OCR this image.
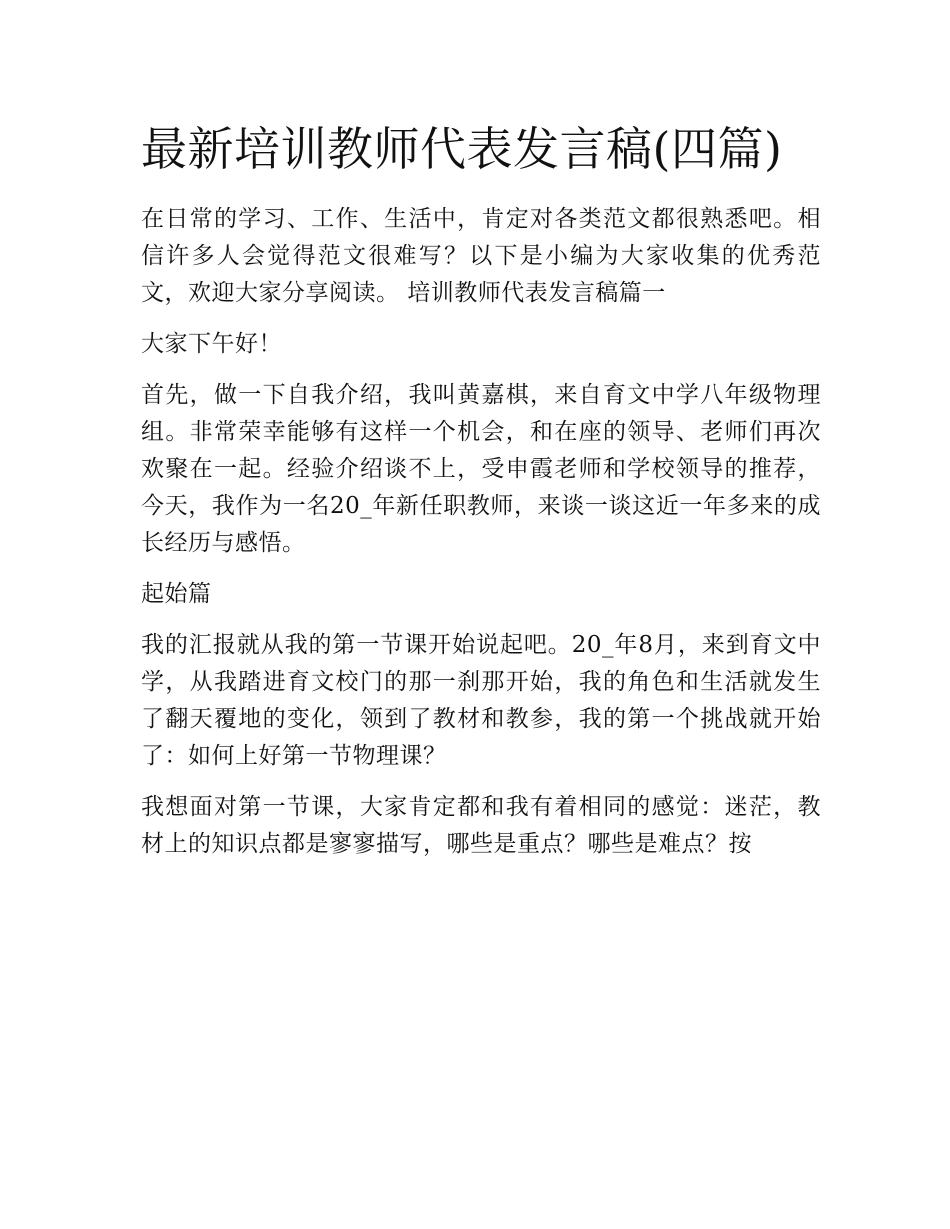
最新培训教师代表发言稿(四篇)

在日常的学习、工作、生活中，肯定对各类范文都很熟悉吧。相信许多人会觉得范文很难写？以下是小编为大家收集的优秀范文，欢迎大家分享阅读。 培训教师代表发言稿篇一

大家下午好！

首先，做一下自我介绍，我叫黄嘉棋，来自育文中学八年级物理组。非常荣幸能够有这样一个机会，和在座的领导、老师们再次欢聚在一起。经验介绍谈不上，受申霞老师和学校领导的推荐，今天，我作为一名20_年新任职教师，来谈一谈这近一年多来的成长经历与感悟。

起始篇

我的汇报就从我的第一节课开始说起吧。20_年8月，来到育文中学，从我踏进育文校门的那一刹那开始，我的角色和生活就发生了翻天覆地的变化，领到了教材和教参，我的第一个挑战就开始了：如何上好第一节物理课？

我想面对第一节课，大家肯定都和我有着相同的感觉：迷茫，教材上的知识点都是寥寥描写，哪些是重点？哪些是难点？按
